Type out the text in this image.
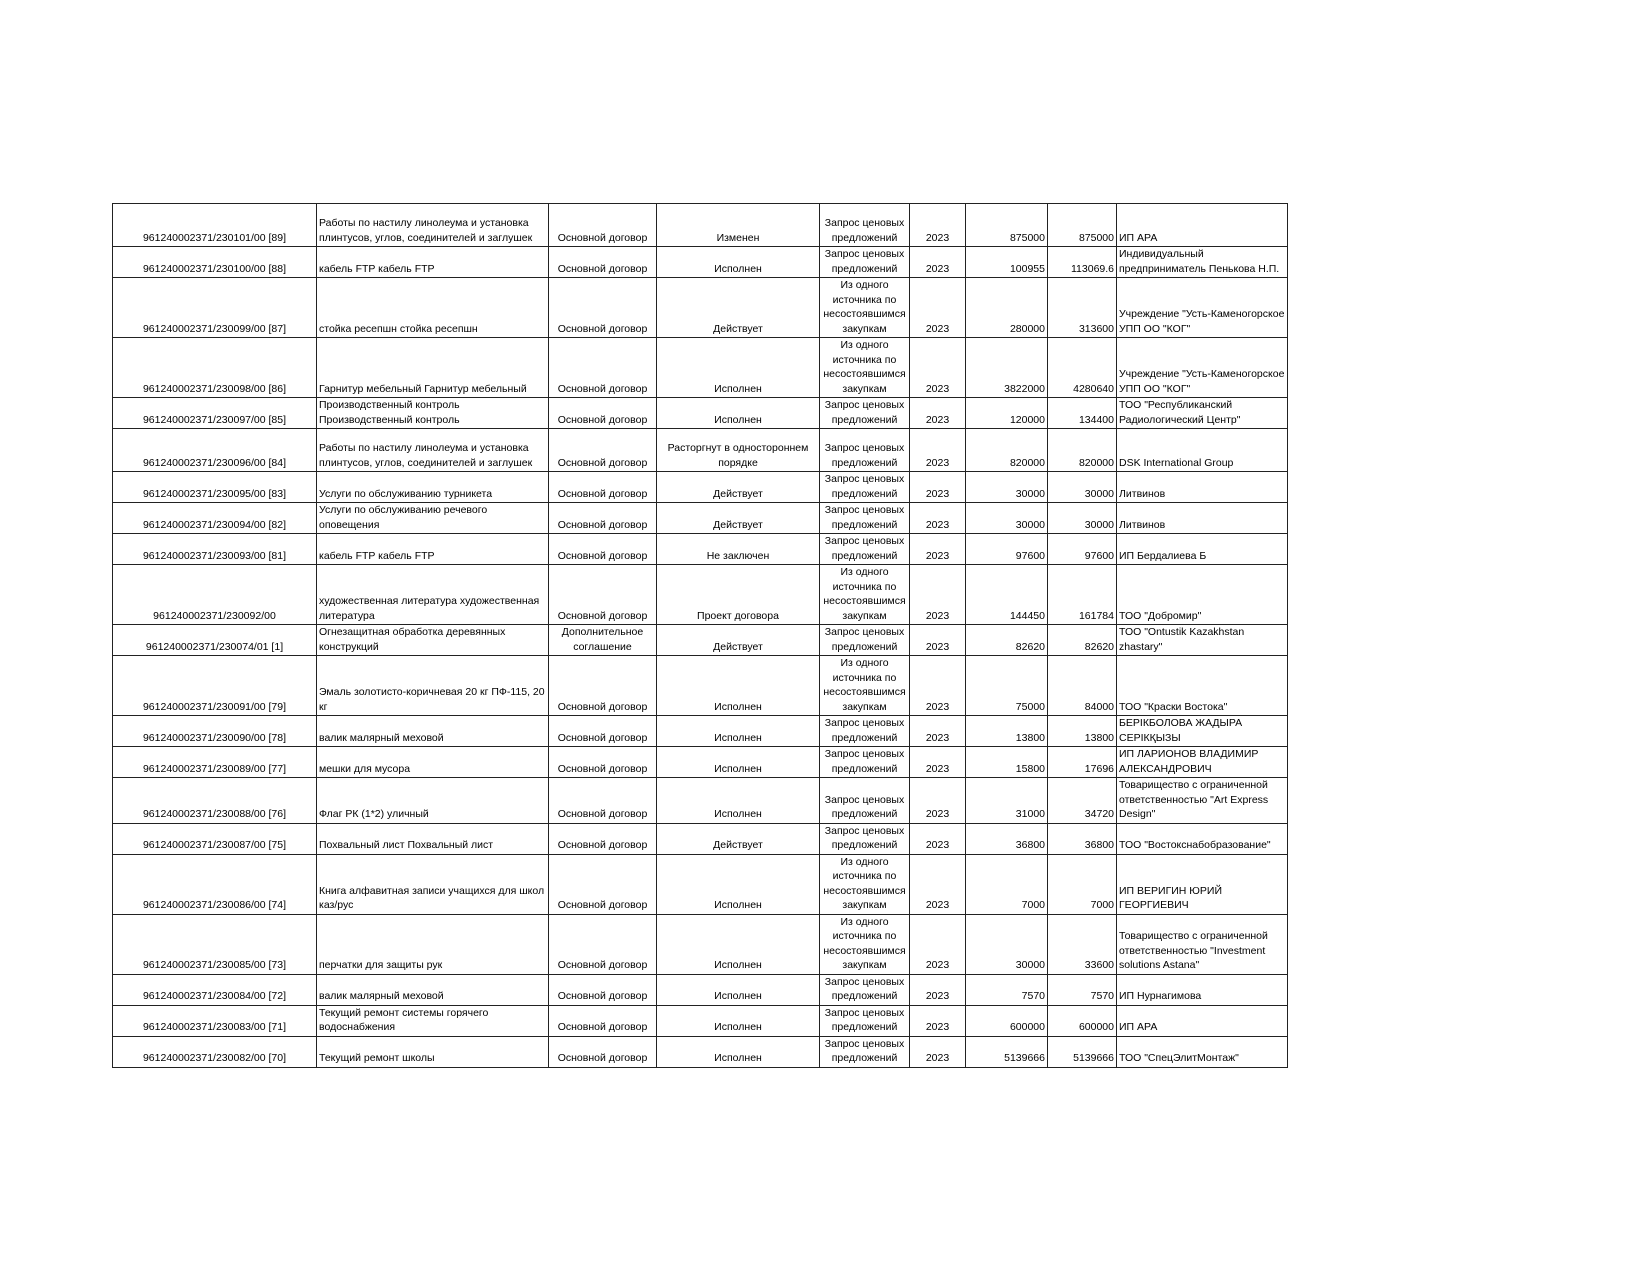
961240002371/230101/00 [89]	Работы по настилу линолеума и установка плинтусов, углов, соединителей и заглушек	Основной договор	Изменен	Запрос ценовых предложений	2023	875000	875000	ИП АРА
961240002371/230100/00 [88]	кабель FTP кабель FTP	Основной договор	Исполнен	Запрос ценовых предложений	2023	100955	113069.6	Индивидуальный предприниматель Пенькова Н.П.
961240002371/230099/00 [87]	стойка ресепшн стойка ресепшн	Основной договор	Действует	Из одного источника по несостоявшимся закупкам	2023	280000	313600	Учреждение "Усть-Каменогорское УПП ОО "КОГ"
961240002371/230098/00 [86]	Гарнитур мебельный Гарнитур мебельный	Основной договор	Исполнен	Из одного источника по несостоявшимся закупкам	2023	3822000	4280640	Учреждение "Усть-Каменогорское УПП ОО "КОГ"
961240002371/230097/00 [85]	Производственный контроль Производственный контроль	Основной договор	Исполнен	Запрос ценовых предложений	2023	120000	134400	ТОО "Республиканский Радиологический Центр"
961240002371/230096/00 [84]	Работы по настилу линолеума и установка плинтусов, углов, соединителей и заглушек	Основной договор	Расторгнут в одностороннем порядке	Запрос ценовых предложений	2023	820000	820000	DSK International Group
961240002371/230095/00 [83]	Услуги по обслуживанию турникета	Основной договор	Действует	Запрос ценовых предложений	2023	30000	30000	Литвинов
961240002371/230094/00 [82]	Услуги по обслуживанию речевого оповещения	Основной договор	Действует	Запрос ценовых предложений	2023	30000	30000	Литвинов
961240002371/230093/00 [81]	кабель FTP кабель FTP	Основной договор	Не заключен	Запрос ценовых предложений	2023	97600	97600	ИП Бердалиева Б
961240002371/230092/00	художественная литература художественная литература	Основной договор	Проект договора	Из одного источника по несостоявшимся закупкам	2023	144450	161784	ТОО "Добромир"
961240002371/230074/01 [1]	Огнезащитная обработка деревянных конструкций	Дополнительное соглашение	Действует	Запрос ценовых предложений	2023	82620	82620	ТОО "Ontustik Kazakhstan zhastary"
961240002371/230091/00 [79]	Эмаль золотисто-коричневая 20 кг ПФ-115, 20 кг	Основной договор	Исполнен	Из одного источника по несостоявшимся закупкам	2023	75000	84000	ТОО "Краски Востока"
961240002371/230090/00 [78]	валик малярный меховой	Основной договор	Исполнен	Запрос ценовых предложений	2023	13800	13800	БЕРІКБОЛОВА ЖАДЫРА СЕРІКҚЫЗЫ
961240002371/230089/00 [77]	мешки для мусора	Основной договор	Исполнен	Запрос ценовых предложений	2023	15800	17696	ИП ЛАРИОНОВ ВЛАДИМИР АЛЕКСАНДРОВИЧ
961240002371/230088/00 [76]	Флаг РК (1*2) уличный	Основной договор	Исполнен	Запрос ценовых предложений	2023	31000	34720	Товарищество с ограниченной ответственностью "Art Express Design"
961240002371/230087/00 [75]	Похвальный лист Похвальный лист	Основной договор	Действует	Запрос ценовых предложений	2023	36800	36800	ТОО "Востокснабобразование"
961240002371/230086/00 [74]	Книга алфавитная записи учащихся для школ каз/рус	Основной договор	Исполнен	Из одного источника по несостоявшимся закупкам	2023	7000	7000	ИП ВЕРИГИН ЮРИЙ ГЕОРГИЕВИЧ
961240002371/230085/00 [73]	перчатки для защиты рук	Основной договор	Исполнен	Из одного источника по несостоявшимся закупкам	2023	30000	33600	Товарищество с ограниченной ответственностью "Investment solutions Astana"
961240002371/230084/00 [72]	валик малярный меховой	Основной договор	Исполнен	Запрос ценовых предложений	2023	7570	7570	ИП Нурнагимова
961240002371/230083/00 [71]	Текущий ремонт системы горячего водоснабжения	Основной договор	Исполнен	Запрос ценовых предложений	2023	600000	600000	ИП АРА
961240002371/230082/00 [70]	Текущий ремонт школы	Основной договор	Исполнен	Запрос ценовых предложений	2023	5139666	5139666	ТОО "СпецЭлитМонтаж"
